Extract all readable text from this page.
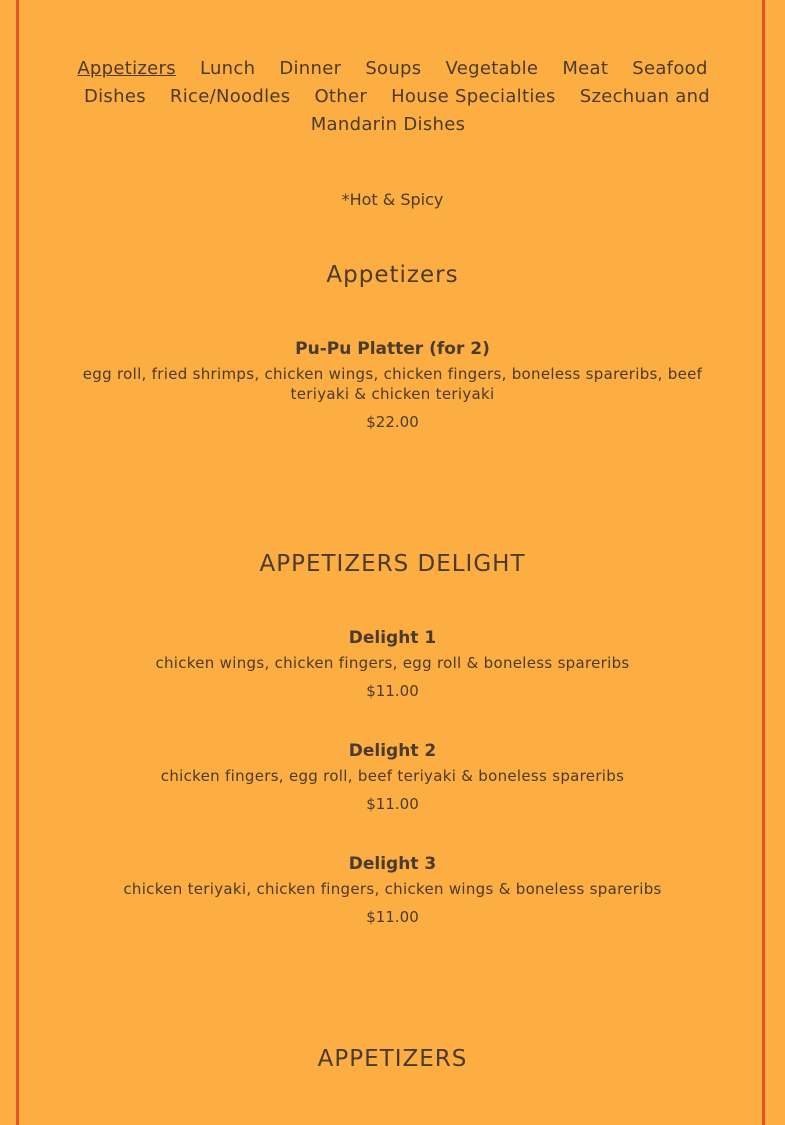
Appetizers Lunch Dinner Soups Vegetable Meat Seafood Dishes Rice/Noodles Other House Specialties Szechuan and Mandarin Dishes
*Hot & Spicy
Appetizers
Pu-Pu Platter (for 2)
egg roll, fried shrimps, chicken wings, chicken fingers, boneless spareribs, beef teriyaki & chicken teriyaki
$22.00
APPETIZERS DELIGHT
Delight 1
chicken wings, chicken fingers, egg roll & boneless spareribs
$11.00
Delight 2
chicken fingers, egg roll, beef teriyaki & boneless spareribs
$11.00
Delight 3
chicken teriyaki, chicken fingers, chicken wings & boneless spareribs
$11.00
APPETIZERS
